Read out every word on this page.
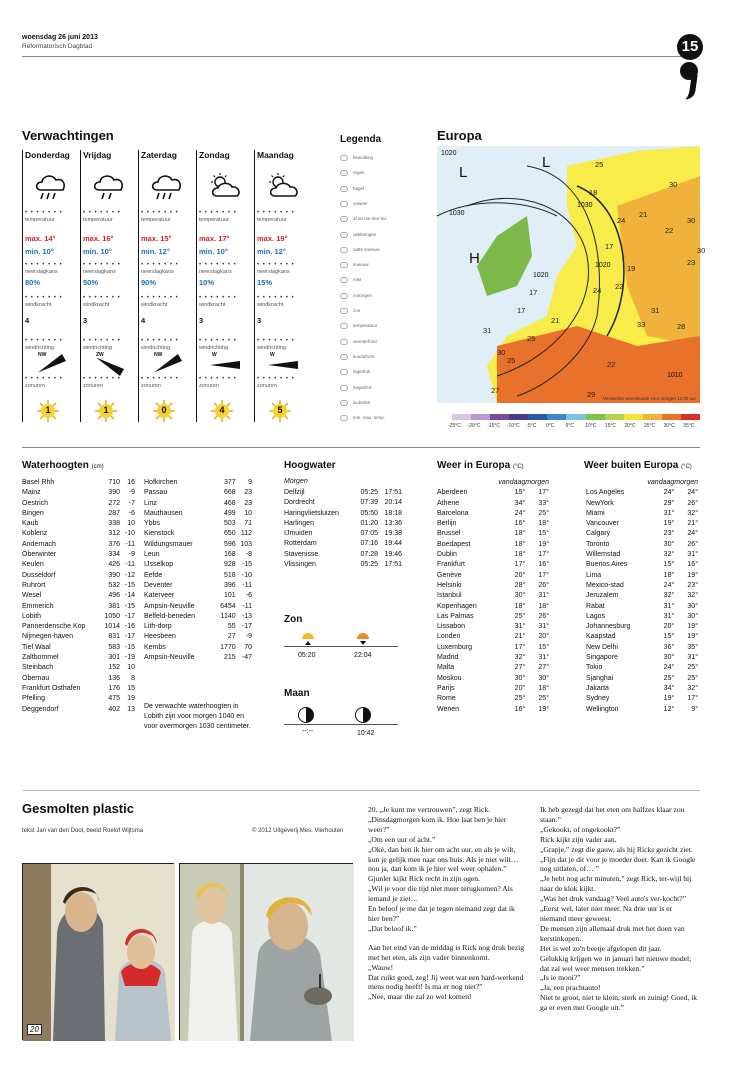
woensdag 26 juni 2013
Reformatorisch Dagblad	15
Verwachtingen
Donderdag
• • • • • • •
temperatuur
• • • • • • •
neerslagkans
• • • • • • •
windkracht
• • • • • • •
windrichting
• • • • • • •
zonuren
max. 14°
min. 10°
80%
4
NW
1
Vrijdag
• • • • • • •
temperatuur
• • • • • • •
neerslagkans
• • • • • • •
windkracht
• • • • • • •
windrichting
• • • • • • •
zonuren
max. 16°
min. 10°
50%
3
ZW
1
Zaterdag
• • • • • • •
temperatuur
• • • • • • •
neerslagkans
• • • • • • •
windkracht
• • • • • • •
windrichting
• • • • • • •
zonuren
max. 15°
min. 12°
90%
4
NW
0
Zondag
• • • • • • •
temperatuur
• • • • • • •
neerslagkans
• • • • • • •
windkracht
• • • • • • •
windrichting
• • • • • • •
zonuren
max. 17°
min. 10°
10%
3
W
4
Maandag
• • • • • • •
temperatuur
• • • • • • •
neerslagkans
• • • • • • •
windkracht
• • • • • • •
windrichting
• • • • • • •
zonuren
max. 19°
min. 12°
15%
3
W
5
Legenda
bewolking
regen
hagel
onweer
af en toe een bui
opklaringen
natte sneeuw
sneeuw
mist
motregen
zon
temperatuur
warmtefront
koudefront
lagedruk
hogedruk
isobaren
min. max. temp.
Europa
L
L
H
1020
1030
1030
1020
1010
1020
25
30
18
24
21
30
22
17
17
19
23
22
21
24
17
33	28
31
30
25
27	29
22
31
25
30
Verwachte weersituatie voor morgen 12.00 uur
-25°C -20°C -15°C -10°C -5°C 0°C 5°C 10°C 15°C 20°C 25°C 30°C 35°C
Waterhoogten (cm)
Basel Rhh	710	16
Mainz	390	-9
Oestrich	272	-7
Bingen	287	-6
Kaub	338	10
Koblenz	312	-10
Andernach	376	-11
Oberwinter	334	-9
Keulen	426	-11
Dusseldorf	390	-12
Ruhrort	532	-15
Wesel	496	-14
Emmerich	381	-15
Lobith	1050	-17
Pannerdensche Kop	1014	-16
Nijmegen-haven	831	-17
Tiel Waal	583	-15
Zaltbommel	301	-19
Steinbach	152	10
Obernau	136	8
Frankfurt Osthafen	176	15
Pfelling	475	19
Deggendorf	402	13
Hofkirchen	377	9
Passau	668	23
Linz	468	23
Mauthausen	499	10
Ybbs	503	71
Kienstock	650	112
Wildungsmauer	596	103
Leun	168	-8
IJsselkop	928	-15
Eefde	518	-10
Deventer	396	-11
Katerveer	101	-6
Ampsin-Neuville	6454	-11
Belfeld-beneden	1140	-13
Lith-dorp	55	-17
Heesbeen	27	-9
Kembs	1770	70
Ampsin-Neuville	215	-47
De verwachte waterhoogten in Lobith zijn voor morgen 1040 en voor overmorgen 1030 centimeter.
Hoogwater
Morgen
Delfzijl	05:25	17:51
Dordrecht	07:39	20:14
Haringvlietsluizen	05:50	18:18
Harlingen	01:20	13:36
IJmuiden	07:05	19:38
Rotterdam	07:16	19:44
Stavenisse	07:28	19:46
Vlissingen	05:25	17:51
Zon
05:20	22:04
Maan
--:--	10:42
Weer in Europa (°C)
	vandaag	morgen
Aberdeen	15°	17°
Athene	34°	33°
Barcelona	24°	25°
Berlijn	16°	18°
Brussel	18°	15°
Boedapest	18°	19°
Dublin	18°	17°
Frankfurt	17°	16°
Genève	20°	17°
Helsinki	28°	26°
Istanbul	30°	31°
Kopenhagen	18°	18°
Las Palmas	25°	26°
Lissabon	31°	31°
Londen	21°	20°
Luxemburg	17°	15°
Madrid	32°	31°
Malta	27°	27°
Moskou	30°	30°
Parijs	20°	18°
Rome	25°	25°
Wenen	16°	19°
Weer buiten Europa (°C)
	vandaag	morgen
Los Angeles	24°	24°
NewYork	29°	26°
Miami	31°	32°
Vancouver	19°	21°
Calgary	23°	24°
Toronto	30°	26°
Willemstad	32°	31°
Buenos Aires	15°	16°
Lima	18°	19°
Mexico-stad	24°	23°
Jeruzalem	32°	32°
Rabat	31°	30°
Lagos	31°	30°
Johannesburg	20°	19°
Kaapstad	15°	19°
New Delhi	36°	35°
Singapore	30°	31°
Tokio	24°	25°
Sjanghai	25°	25°
Jakarta	34°	32°
Sydney	19°	17°
Wellington	12°	9°
Gesmolten plastic
tekst Jan van den Dool, beeld Roelof Wijtsma	© 2012 Uitgeverij Mes, Vierhouten
20

20. „Je kunt me vertrouwen”, zegt Rick. „Dinsdagmorgen kom ik. Hoe laat ben je hier weer?”

„Om een uur of acht.”

„Oké, dan ben ik hier om acht uur, en als je wilt, kun je gelijk mee naar ons huis. Als je niet wilt… nou ja, dan kom ik je hier wel weer ophalen.”

Gjunler kijkt Rick recht in zijn ogen.

„Wil je voor die tijd niet meer terugkomen? Als iemand je ziet…

En beloof je me dat je tegen niemand zegt dat ik hier ben?”

„Dat beloof ik.”

Aan het eind van de middag is Rick nog druk bezig met het eten, als zijn vader binnenkomt.

„Wauw!

Dat ruikt goed, zeg! Jij weet wat een hard-werkend mens nodig heeft! Is ma er nog niet?”

„Nee, maar die zal zo wel komen!

Ik heb gezegd dat het eten om halfzes klaar zou staan.”

„Gekookt, of ongekookt?”

Rick kijkt zijn vader aan.

„Grapje,” zegt die gauw, als hij Ricks gezicht ziet.

„Fijn dat je dit voor je moeder doet. Kan ik Google nog uitlaten, of… ”

„Je hebt nog acht minuten,” zegt Rick, ter-wijl hij naar de klok kijkt.

„Was het druk vandaag? Veel auto's ver-kocht?”

„Eerst wel, later niet meer. Na drie uur is er niemand meer geweest.

De mensen zijn allemaal druk met het doen van kerstinkopen.

Het is wel zo'n beetje afgelopen dit jaar.

Gelukkig krijgen we in januari het nieuwe model; dat zal wel weer mensen trekken.”

„Is ie mooi?”

„Ja, een prachtauto!

Niet te groot, niet te klein, sterk en zuinig! Goed, ik ga er even met Google uit.”
